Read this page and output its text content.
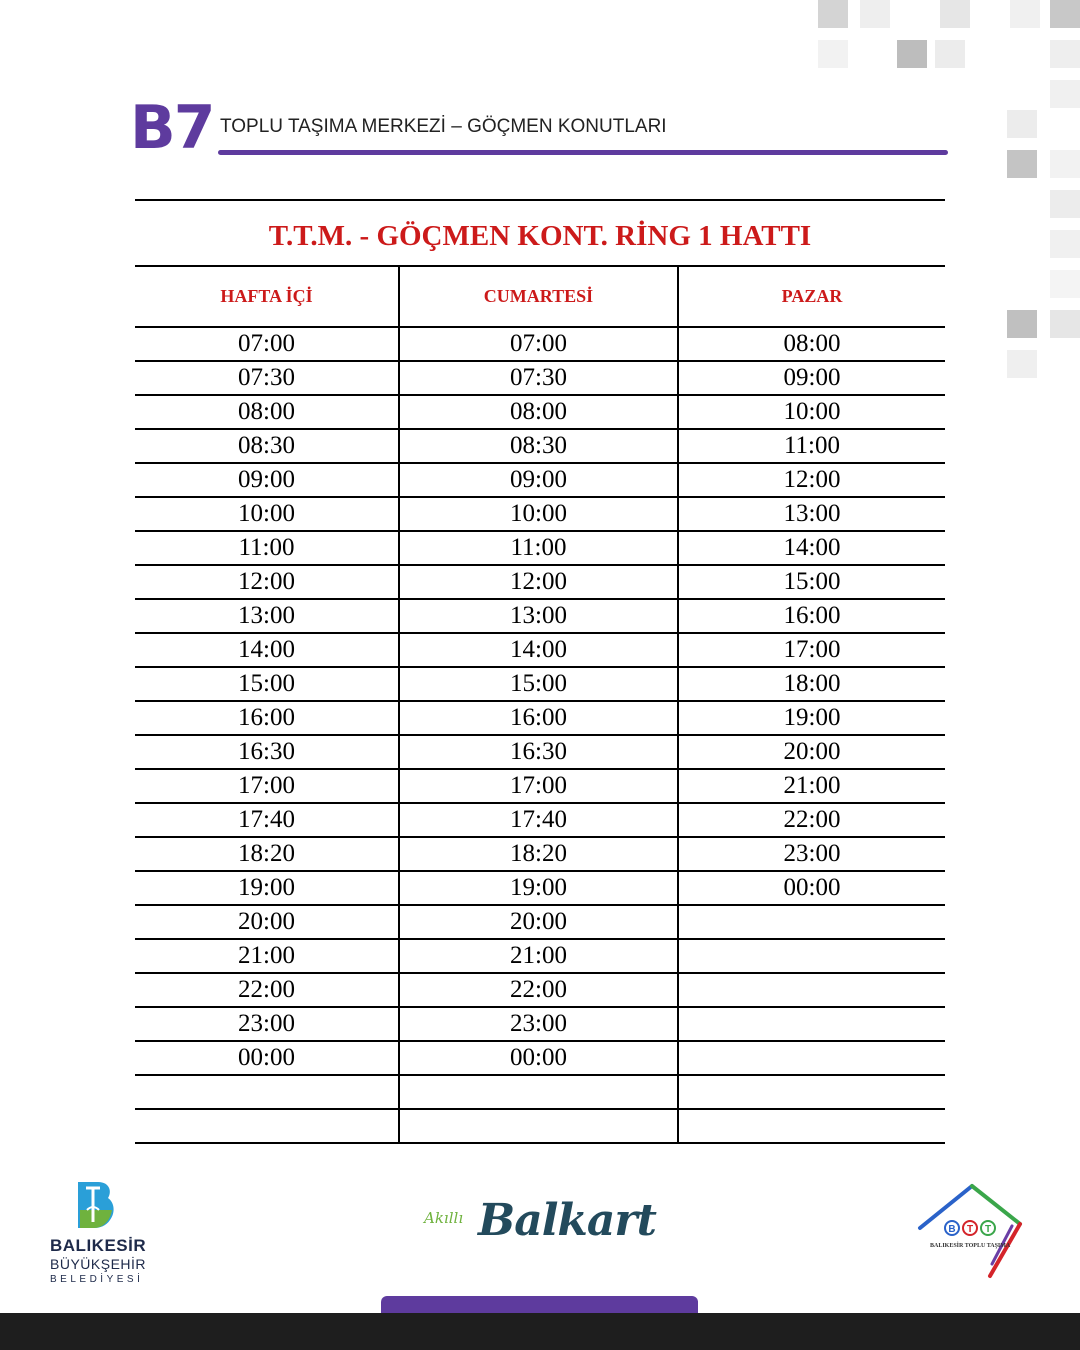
B7 TOPLU TAŞIMA MERKEZİ – GÖÇMEN KONUTLARI
T.T.M. - GÖÇMEN KONT. RİNG 1 HATTI
HAFTA İÇİ	CUMARTESİ	PAZAR
07:00	07:00	08:00
07:30	07:30	09:00
08:00	08:00	10:00
08:30	08:30	11:00
09:00	09:00	12:00
10:00	10:00	13:00
11:00	11:00	14:00
12:00	12:00	15:00
13:00	13:00	16:00
14:00	14:00	17:00
15:00	15:00	18:00
16:00	16:00	19:00
16:30	16:30	20:00
17:00	17:00	21:00
17:40	17:40	22:00
18:20	18:20	23:00
19:00	19:00	00:00
20:00	20:00	
21:00	21:00	
22:00	22:00	
23:00	23:00	
00:00	00:00	

BALIKESİR
BÜYÜKŞEHİR
BELEDİYESİ
Akıllı Balkart	B T T
BALIKESİR TOPLU TAŞIMA
